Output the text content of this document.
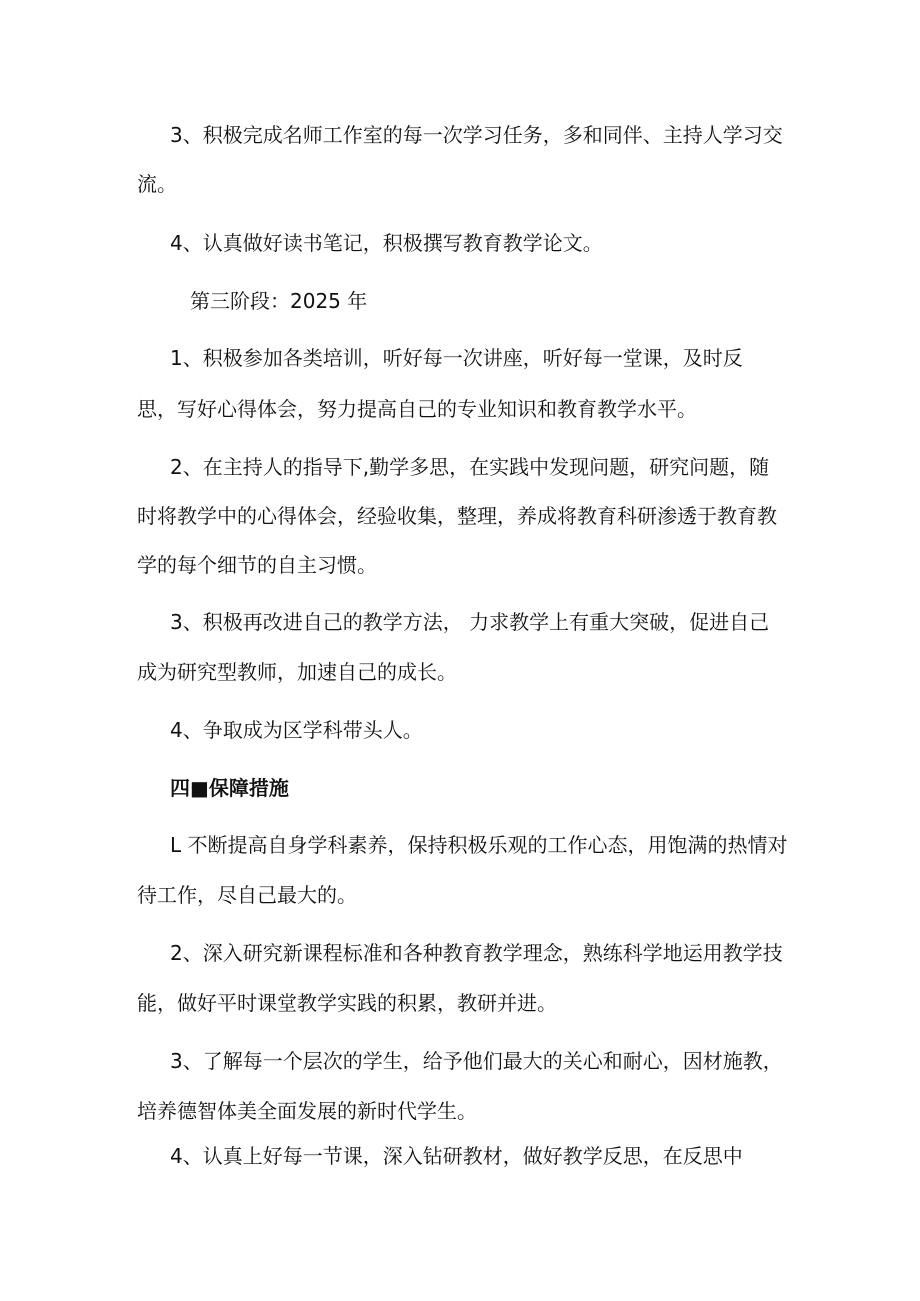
3、积极完成名师工作室的每一次学习任务，多和同伴、主持人学习交

流。

4、认真做好读书笔记，积极撰写教育教学论文。

第三阶段：2025 年

1、积极参加各类培训，听好每一次讲座，听好每一堂课，及时反

思，写好心得体会，努力提高自己的专业知识和教育教学水平。

2、在主持人的指导下,勤学多思，在实践中发现问题，研究问题，随

时将教学中的心得体会，经验收集，整理，养成将教育科研渗透于教育教

学的每个细节的自主习惯。

3、积极再改进自己的教学方法， 力求教学上有重大突破，促进自己

成为研究型教师，加速自己的成长。

4、争取成为区学科带头人。

四■保障措施

L 不断提高自身学科素养，保持积极乐观的工作心态，用饱满的热情对

待工作，尽自己最大的。

2、深入研究新课程标准和各种教育教学理念，熟练科学地运用教学技

能，做好平时课堂教学实践的积累，教研并进。

3、了解每一个层次的学生，给予他们最大的关心和耐心，因材施教，

培养德智体美全面发展的新时代学生。

4、认真上好每一节课，深入钻研教材，做好教学反思，在反思中
